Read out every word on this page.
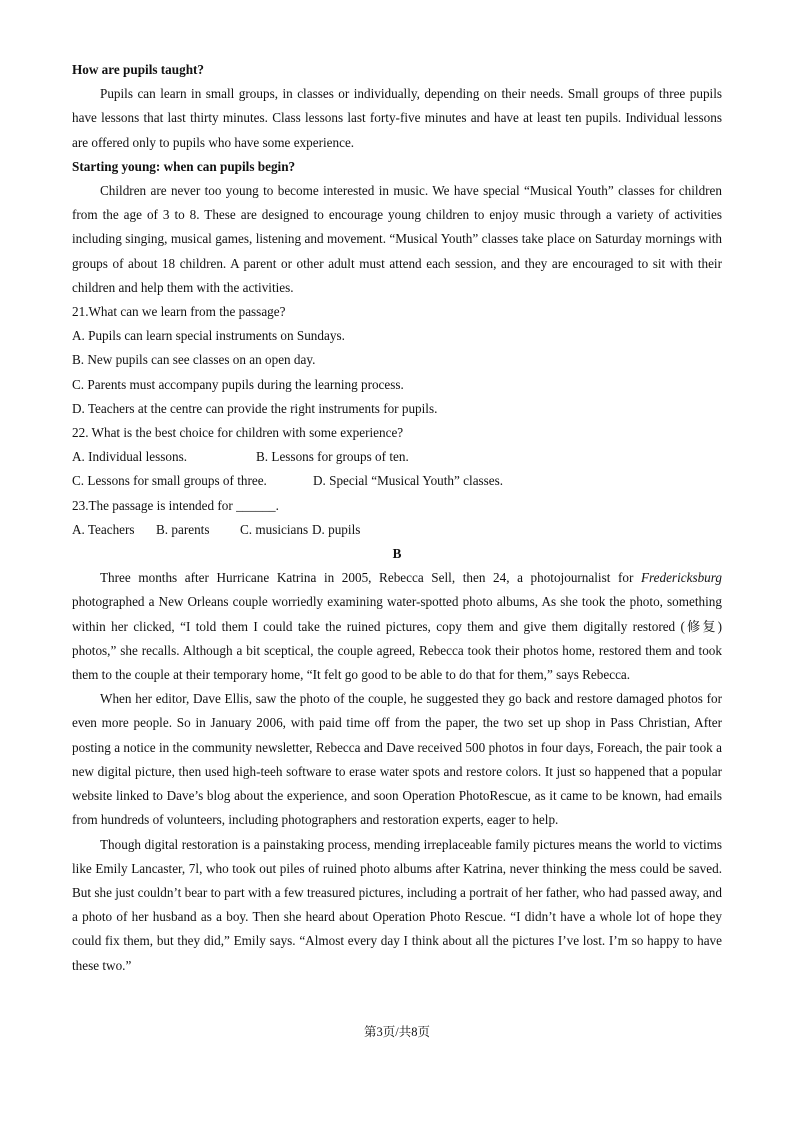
How are pupils taught?
Pupils can learn in small groups, in classes or individually, depending on their needs. Small groups of three pupils have lessons that last thirty minutes. Class lessons last forty-five minutes and have at least ten pupils. Individual lessons are offered only to pupils who have some experience.
Starting young: when can pupils begin?
Children are never too young to become interested in music. We have special “Musical Youth” classes for children from the age of 3 to 8. These are designed to encourage young children to enjoy music through a variety of activities including singing, musical games, listening and movement. “Musical Youth” classes take place on Saturday mornings with groups of about 18 children. A parent or other adult must attend each session, and they are encouraged to sit with their children and help them with the activities.
21.What can we learn from the passage?
A. Pupils can learn special instruments on Sundays.
B. New pupils can see classes on an open day.
C. Parents must accompany pupils during the learning process.
D. Teachers at the centre can provide the right instruments for pupils.
22. What is the best choice for children with some experience?
A. Individual lessons.	B. Lessons for groups of ten.
C. Lessons for small groups of three.	D. Special “Musical Youth” classes.
23.The passage is intended for ______.
A. Teachers B. parents C. musicians D. pupils
B
Three months after Hurricane Katrina in 2005, Rebecca Sell, then 24, a photojournalist for Fredericksburg photographed a New Orleans couple worriedly examining water-spotted photo albums, As she took the photo, something within her clicked, “I told them I could take the ruined pictures, copy them and give them digitally restored (修复) photos,” she recalls. Although a bit sceptical, the couple agreed, Rebecca took their photos home, restored them and took them to the couple at their temporary home, “It felt go good to be able to do that for them,” says Rebecca.
When her editor, Dave Ellis, saw the photo of the couple, he suggested they go back and restore damaged photos for even more people. So in January 2006, with paid time off from the paper, the two set up shop in Pass Christian, After posting a notice in the community newsletter, Rebecca and Dave received 500 photos in four days, Foreach, the pair took a new digital picture, then used high-teeh software to erase water spots and restore colors. It just so happened that a popular website linked to Dave’s blog about the experience, and soon Operation PhotoRescue, as it came to be known, had emails from hundreds of volunteers, including photographers and restoration experts, eager to help.
Though digital restoration is a painstaking process, mending irreplaceable family pictures means the world to victims like Emily Lancaster, 7l, who took out piles of ruined photo albums after Katrina, never thinking the mess could be saved. But she just couldn’t bear to part with a few treasured pictures, including a portrait of her father, who had passed away, and a photo of her husband as a boy. Then she heard about Operation Photo Rescue. “I didn’t have a whole lot of hope they could fix them, but they did,” Emily says. “Almost every day I think about all the pictures I’ve lost. I’m so happy to have these two.”
第3页/共8页
